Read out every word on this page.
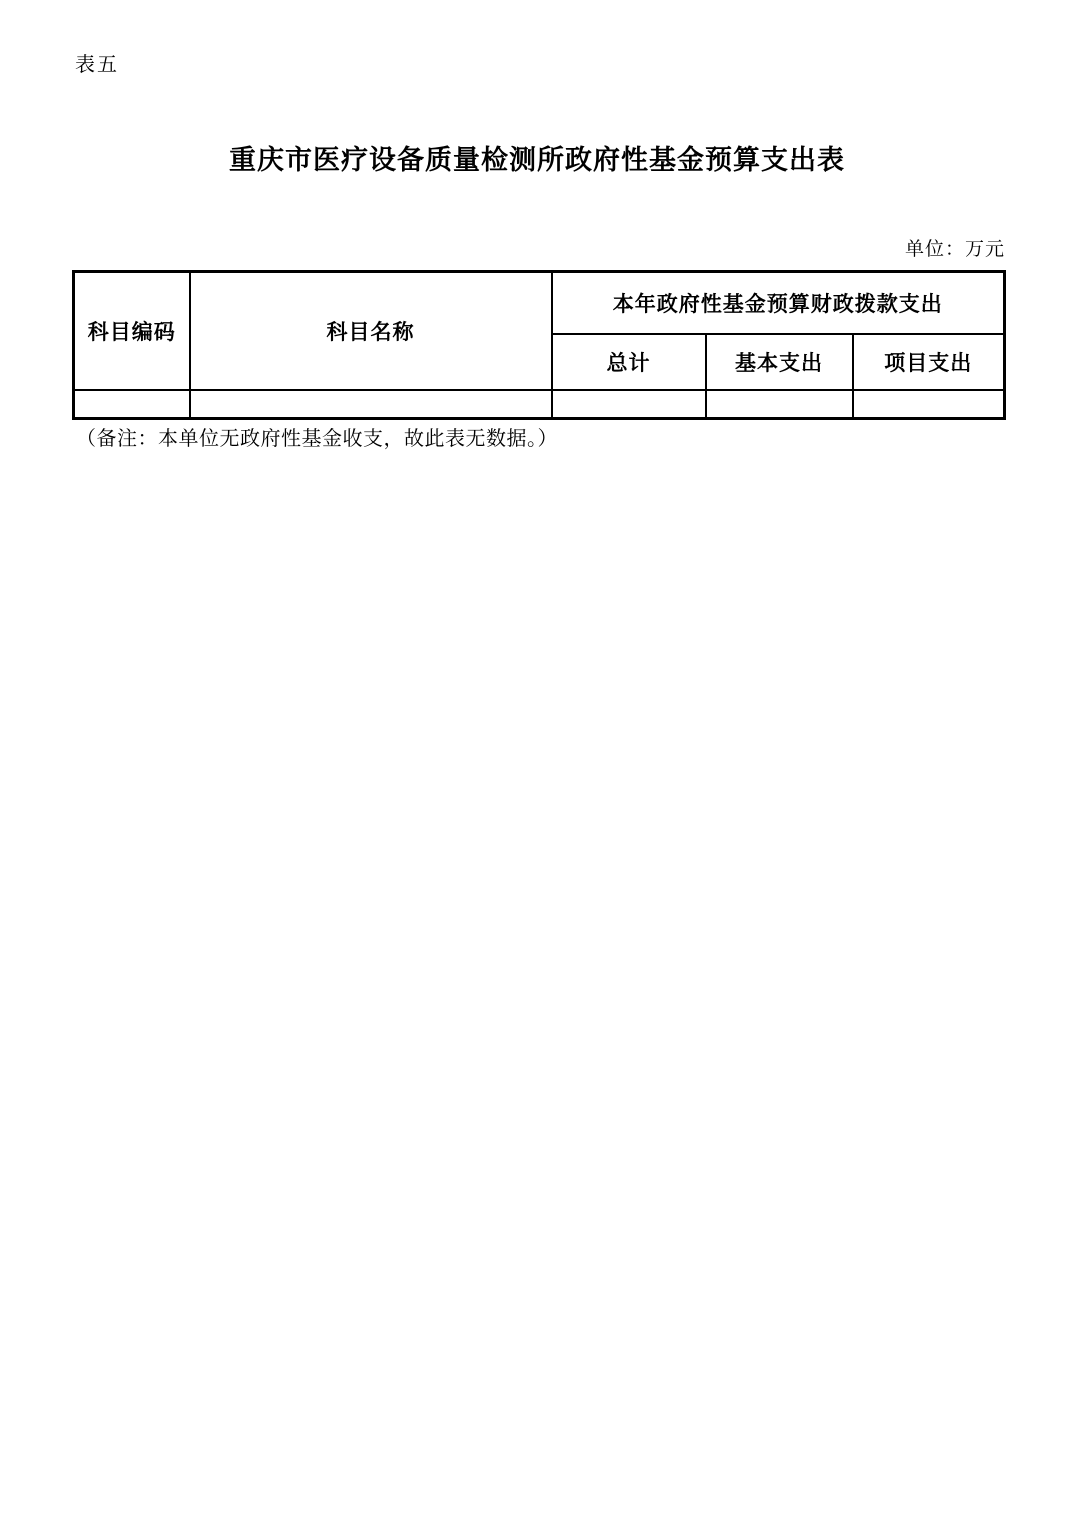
表五
重庆市医疗设备质量检测所政府性基金预算支出表
单位：万元
科目编码	科目名称	本年政府性基金预算财政拨款支出		
		总计	基本支出	项目支出

（备注：本单位无政府性基金收支，故此表无数据。）
